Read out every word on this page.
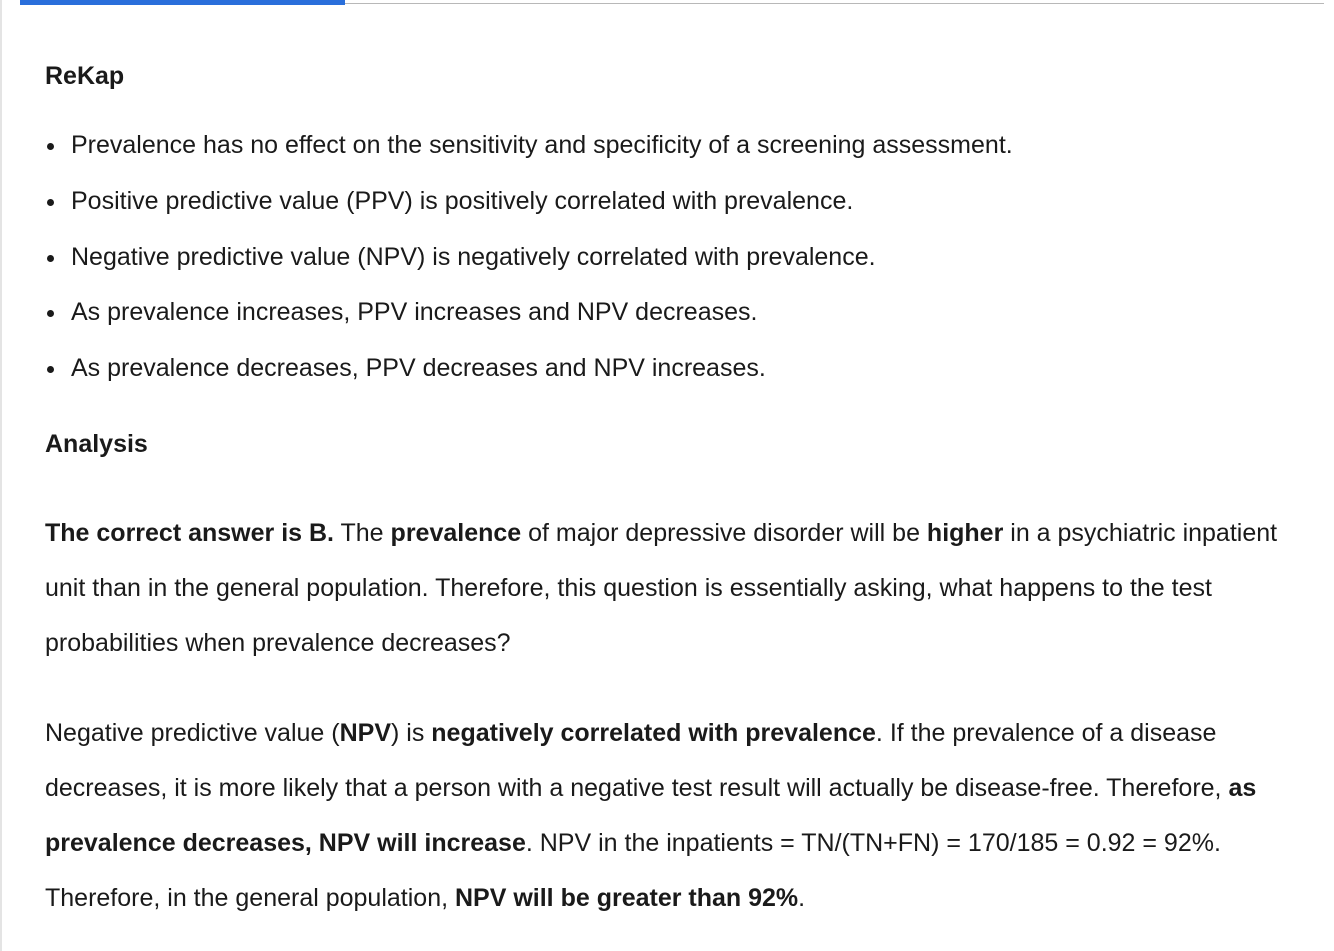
ReKap
Prevalence has no effect on the sensitivity and specificity of a screening assessment.
Positive predictive value (PPV) is positively correlated with prevalence.
Negative predictive value (NPV) is negatively correlated with prevalence.
As prevalence increases, PPV increases and NPV decreases.
As prevalence decreases, PPV decreases and NPV increases.
Analysis

The correct answer is B. The prevalence of major depressive disorder will be higher in a psychiatric inpatient unit than in the general population. Therefore, this question is essentially asking, what happens to the test probabilities when prevalence decreases?

Negative predictive value (NPV) is negatively correlated with prevalence. If the prevalence of a disease decreases, it is more likely that a person with a negative test result will actually be disease-free. Therefore, as prevalence decreases, NPV will increase. NPV in the inpatients = TN/(TN+FN) = 170/185 = 0.92 = 92%. Therefore, in the general population, NPV will be greater than 92%.
